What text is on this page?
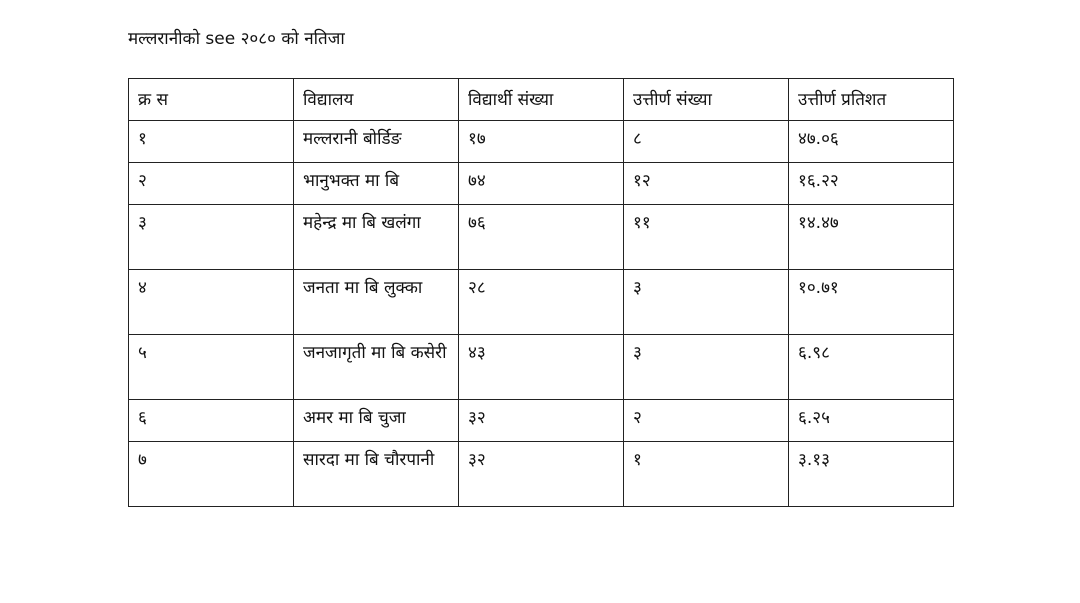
मल्लरानीको see २०८० को नतिजा
क्र स	विद्यालय	विद्यार्थी संख्या	उत्तीर्ण संख्या	उत्तीर्ण प्रतिशत
१	मल्लरानी बोर्डिङ	१७	८	४७.०६
२	भानुभक्त मा बि	७४	१२	१६.२२
३	महेन्द्र मा बि खलंगा	७६	११	१४.४७
४	जनता मा बि लुक्का	२८	३	१०.७१
५	जनजागृती मा बि कसेरी	४३	३	६.९८
६	अमर मा बि चुजा	३२	२	६.२५
७	सारदा मा बि चौरपानी	३२	१	३.१३
